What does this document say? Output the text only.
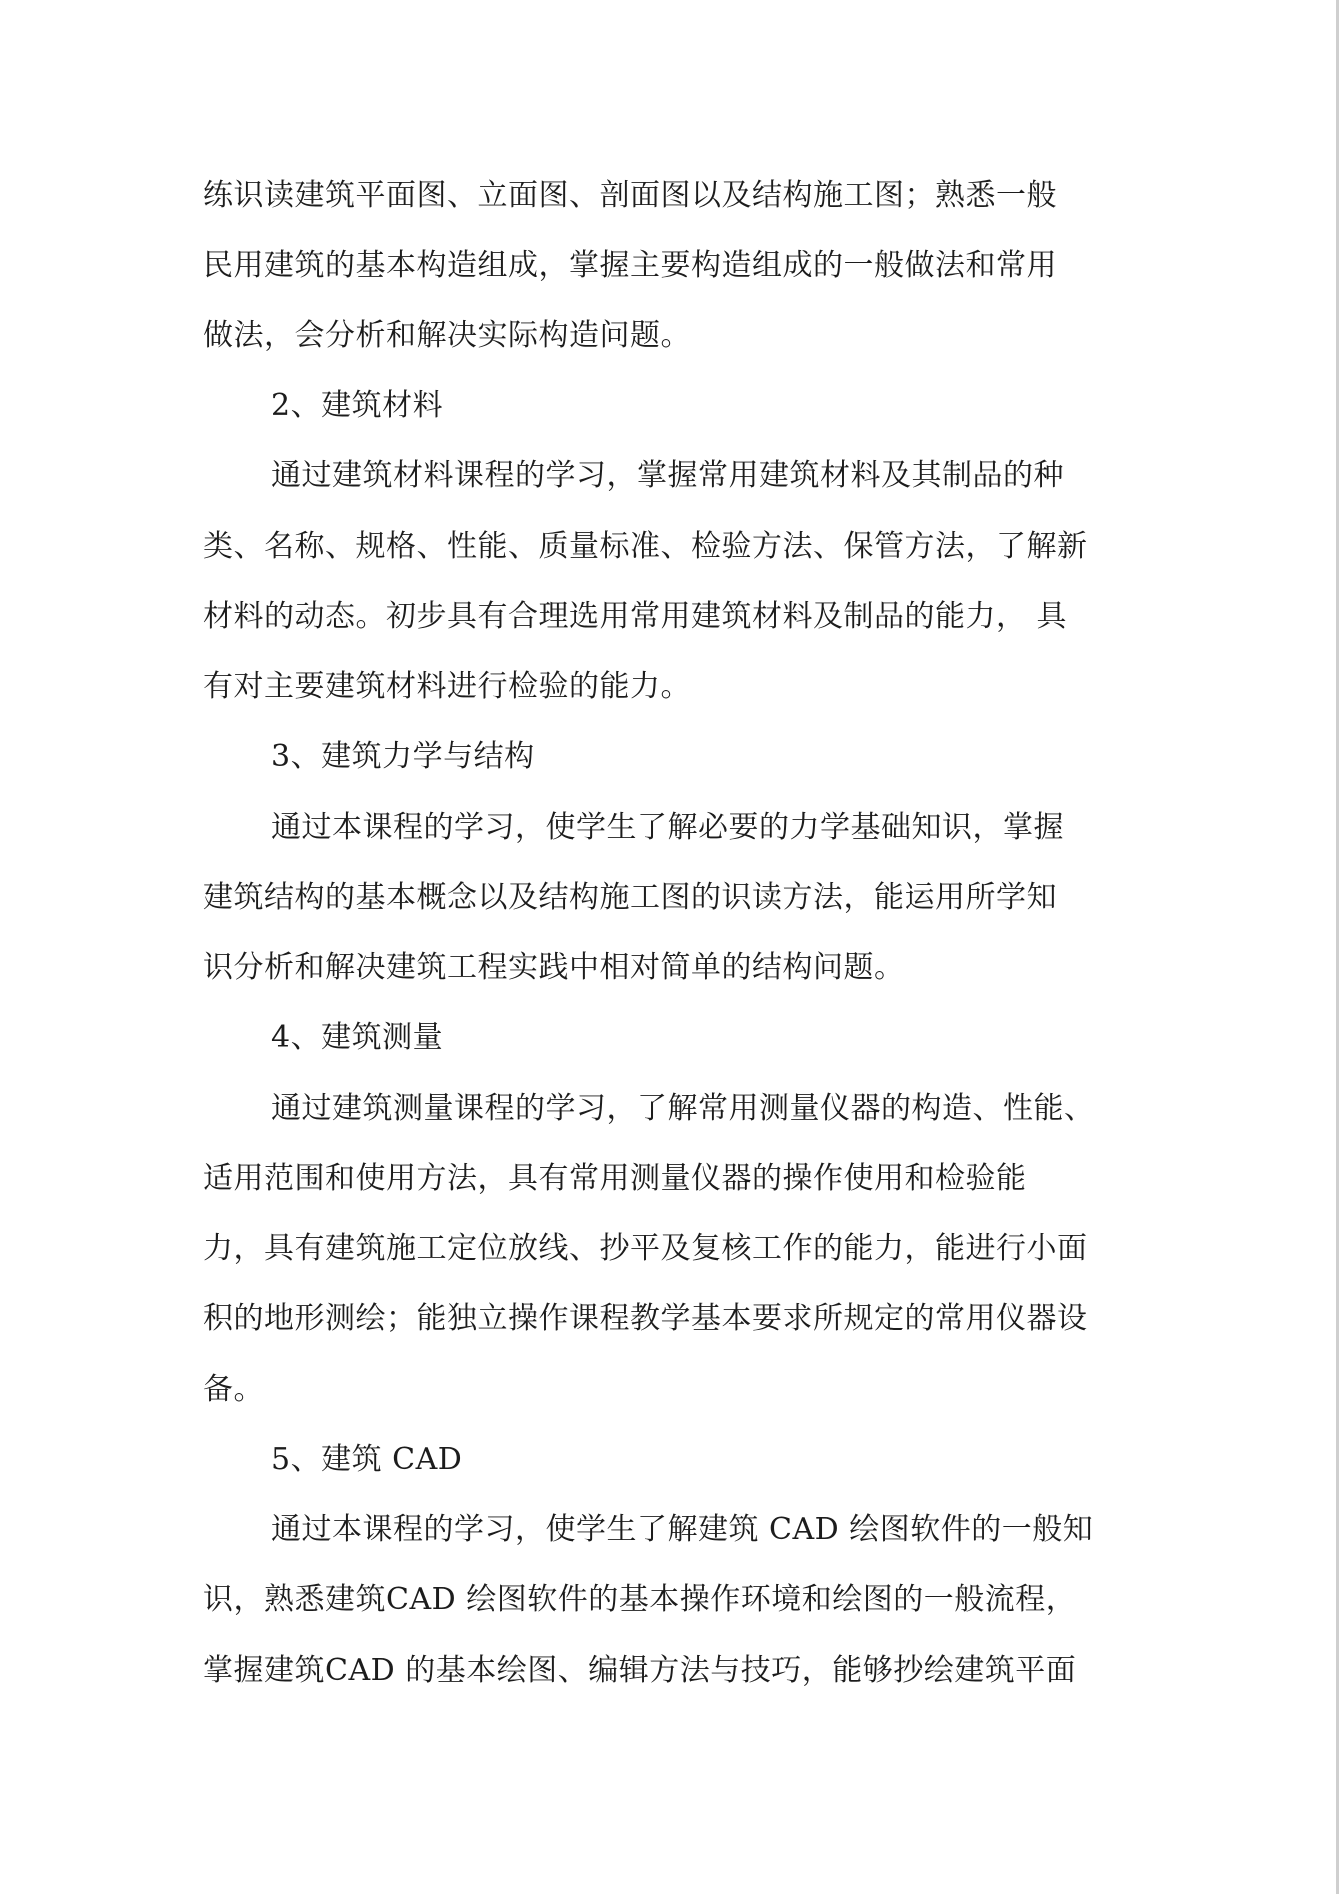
练识读建筑平面图、立面图、剖面图以及结构施工图；熟悉一般
民用建筑的基本构造组成，掌握主要构造组成的一般做法和常用
做法，会分析和解决实际构造问题。
2、建筑材料
通过建筑材料课程的学习，掌握常用建筑材料及其制品的种
类、名称、规格、性能、质量标准、检验方法、保管方法，了解新
材料的动态。初步具有合理选用常用建筑材料及制品的能力， 具
有对主要建筑材料进行检验的能力。
3、建筑力学与结构
通过本课程的学习，使学生了解必要的力学基础知识，掌握
建筑结构的基本概念以及结构施工图的识读方法，能运用所学知
识分析和解决建筑工程实践中相对简单的结构问题。
4、建筑测量
通过建筑测量课程的学习，了解常用测量仪器的构造、性能、
适用范围和使用方法，具有常用测量仪器的操作使用和检验能
力，具有建筑施工定位放线、抄平及复核工作的能力，能进行小面
积的地形测绘；能独立操作课程教学基本要求所规定的常用仪器设
备。
5、建筑 CAD
通过本课程的学习，使学生了解建筑 CAD 绘图软件的一般知
识，熟悉建筑CAD 绘图软件的基本操作环境和绘图的一般流程，
掌握建筑CAD 的基本绘图、编辑方法与技巧，能够抄绘建筑平面
